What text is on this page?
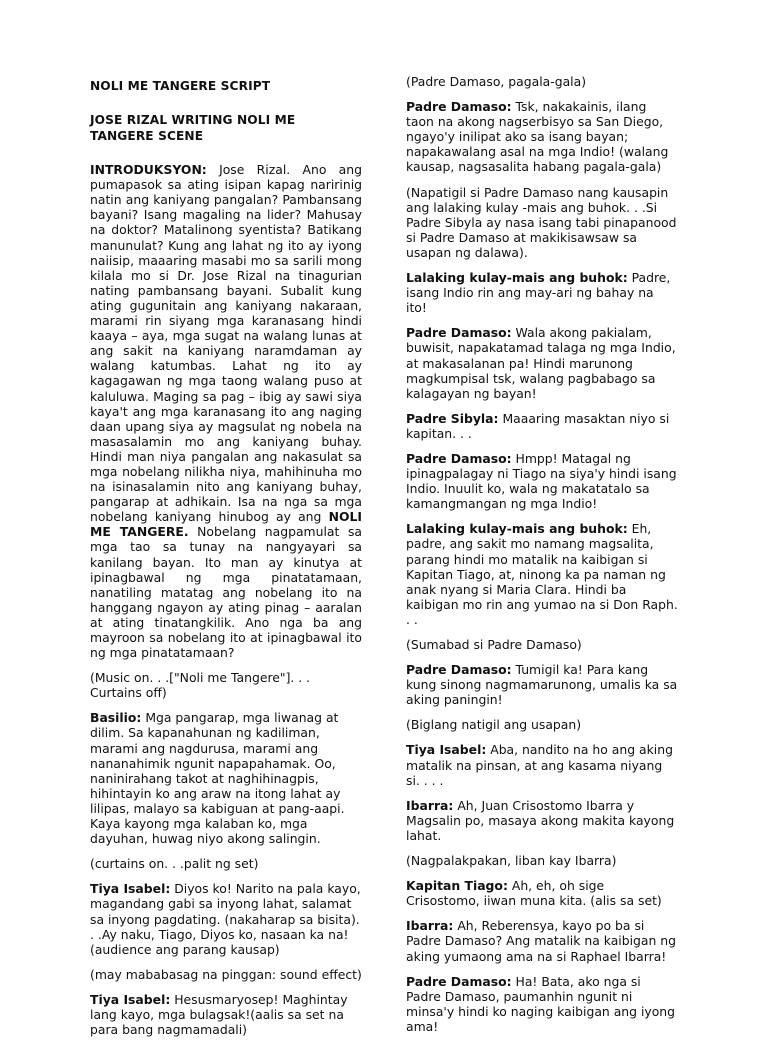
NOLI ME TANGERE SCRIPT

JOSE RIZAL WRITING NOLI ME TANGERE SCENE

INTRODUKSYON: Jose Rizal. Ano ang pumapasok sa ating isipan kapag naririnig natin ang kaniyang pangalan? Pambansang bayani? Isang magaling na lider? Mahusay na doktor? Matalinong syentista? Batikang manunulat? Kung ang lahat ng ito ay iyong naiisip, maaaring masabi mo sa sarili mong kilala mo si Dr. Jose Rizal na tinagurian nating pambansang bayani. Subalit kung ating gugunitain ang kaniyang nakaraan, marami rin siyang mga karanasang hindi kaaya – aya, mga sugat na walang lunas at ang sakit na kaniyang naramdaman ay walang katumbas. Lahat ng ito ay kagagawan ng mga taong walang puso at kaluluwa. Maging sa pag – ibig ay sawi siya kaya't ang mga karanasang ito ang naging daan upang siya ay magsulat ng nobela na masasalamin mo ang kaniyang buhay. Hindi man niya pangalan ang nakasulat sa mga nobelang nilikha niya, mahihinuha mo na isinasalamin nito ang kaniyang buhay, pangarap at adhikain. Isa na nga sa mga nobelang kaniyang hinubog ay ang NOLI ME TANGERE. Nobelang nagpamulat sa mga tao sa tunay na nangyayari sa kanilang bayan. Ito man ay kinutya at ipinagbawal ng mga pinatatamaan, nanatiling matatag ang nobelang ito na hanggang ngayon ay ating pinag – aaralan at ating tinatangkilik. Ano nga ba ang mayroon sa nobelang ito at ipinagbawal ito ng mga pinatatamaan?

(Music on. . .["Noli me Tangere"]. . . Curtains off)

Basilio: Mga pangarap, mga liwanag at dilim. Sa kapanahunan ng kadiliman, marami ang nagdurusa, marami ang nananahimik ngunit napapahamak. Oo, naninirahang takot at naghihinagpis, hihintayin ko ang araw na itong lahat ay lilipas, malayo sa kabiguan at pang-aapi. Kaya kayong mga kalaban ko, mga dayuhan, huwag niyo akong salingin.

(curtains on. . .palit ng set)

Tiya Isabel: Diyos ko! Narito na pala kayo, magandang gabi sa inyong lahat, salamat sa inyong pagdating. (nakaharap sa bisita). . .Ay naku, Tiago, Diyos ko, nasaan ka na!(audience ang parang kausap)

(may mababasag na pinggan: sound effect)

Tiya Isabel: Hesusmaryosep! Maghintay lang kayo, mga bulagsak!(aalis sa set na para bang nagmamadali)

(Padre Damaso, pagala-gala)

Padre Damaso: Tsk, nakakainis, ilang taon na akong nagserbisyo sa San Diego, ngayo'y inilipat ako sa isang bayan; napakawalang asal na mga Indio! (walang kausap, nagsasalita habang pagala-gala)

(Napatigil si Padre Damaso nang kausapin ang lalaking kulay -mais ang buhok. . .Si Padre Sibyla ay nasa isang tabi pinapanood si Padre Damaso at makikisawsaw sa usapan ng dalawa).

Lalaking kulay-mais ang buhok: Padre, isang Indio rin ang may-ari ng bahay na ito!

Padre Damaso: Wala akong pakialam, buwisit, napakatamad talaga ng mga Indio, at makasalanan pa! Hindi marunong magkumpisal tsk, walang pagbabago sa kalagayan ng bayan!

Padre Sibyla: Maaaring masaktan niyo si kapitan. . .

Padre Damaso: Hmpp! Matagal ng ipinagpalagay ni Tiago na siya'y hindi isang Indio. Inuulit ko, wala ng makatatalo sa kamangmangan ng mga Indio!

Lalaking kulay-mais ang buhok: Eh, padre, ang sakit mo namang magsalita, parang hindi mo matalik na kaibigan si Kapitan Tiago, at, ninong ka pa naman ng anak nyang si Maria Clara. Hindi ba kaibigan mo rin ang yumao na si Don Raph. . .

(Sumabad si Padre Damaso)

Padre Damaso: Tumigil ka! Para kang kung sinong nagmamarunong, umalis ka sa aking paningin!

(Biglang natigil ang usapan)

Tiya Isabel: Aba, nandito na ho ang aking matalik na pinsan, at ang kasama niyang si. . . .

Ibarra: Ah, Juan Crisostomo Ibarra y Magsalin po, masaya akong makita kayong lahat.

(Nagpalakpakan, liban kay Ibarra)

Kapitan Tiago: Ah, eh, oh sige Crisostomo, iiwan muna kita. (alis sa set)

Ibarra: Ah, Reberensya, kayo po ba si Padre Damaso? Ang matalik na kaibigan ng aking yumaong ama na si Raphael Ibarra!

Padre Damaso: Ha! Bata, ako nga si Padre Damaso, paumanhin ngunit ni minsa'y hindi ko naging kaibigan ang iyong ama!
